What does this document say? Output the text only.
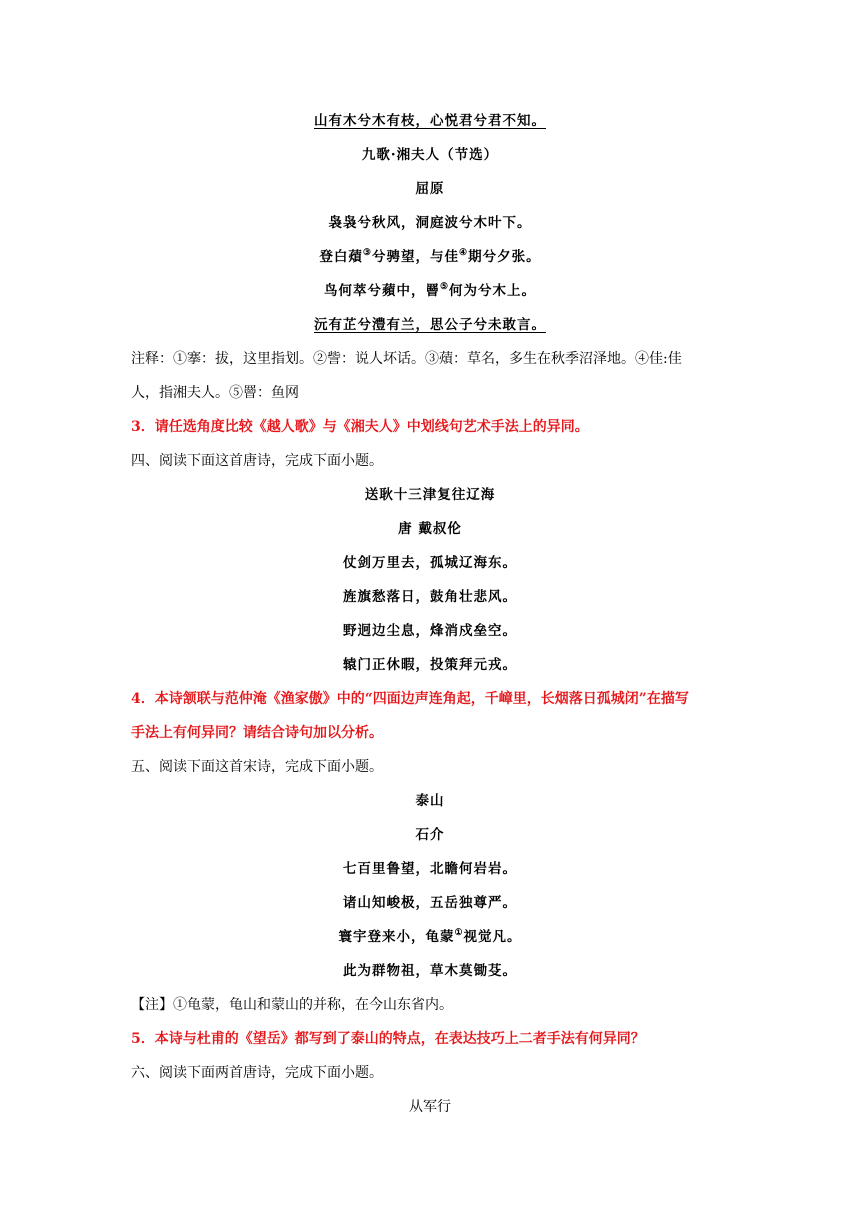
山有木兮木有枝，心悦君兮君不知。
九歌·湘夫人（节选）
屈原
袅袅兮秋风，洞庭波兮木叶下。
登白薠③兮骋望，与佳④期兮夕张。
鸟何萃兮蘋中，罾⑤何为兮木上。
沅有芷兮澧有兰，思公子兮未敢言。
注释：①搴：拔，这里指划。②訾：说人坏话。③薠：草名，多生在秋季沼泽地。④佳:佳
人，指湘夫人。⑤罾：鱼网
3．请任选角度比较《越人歌》与《湘夫人》中划线句艺术手法上的异同。
四、阅读下面这首唐诗，完成下面小题。
送耿十三津复往辽海
唐 戴叔伦
仗剑万里去，孤城辽海东。
旌旗愁落日，鼓角壮悲风。
野迥边尘息，烽消戍垒空。
辕门正休暇，投策拜元戎。
4．本诗颔联与范仲淹《渔家傲》中的“四面边声连角起，千嶂里，长烟落日孤城闭”在描写
手法上有何异同？请结合诗句加以分析。
五、阅读下面这首宋诗，完成下面小题。
泰山
石介
七百里鲁望，北瞻何岩岩。
诸山知峻极，五岳独尊严。
寰宇登来小，龟蒙①视觉凡。
此为群物祖，草木莫锄芟。
【注】①龟蒙，龟山和蒙山的并称，在今山东省内。
5．本诗与杜甫的《望岳》都写到了泰山的特点，在表达技巧上二者手法有何异同？
六、阅读下面两首唐诗，完成下面小题。
从军行
